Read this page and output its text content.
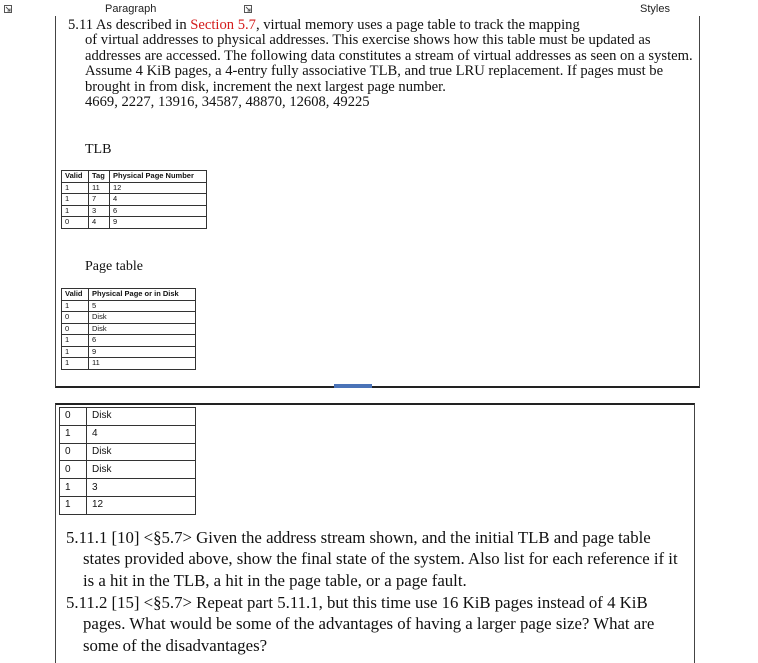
Paragraph	Styles
5.11 As described in Section 5.7, virtual memory uses a page table to track the mapping
of virtual addresses to physical addresses. This exercise shows how this table must be updated as addresses are accessed. The following data constitutes a stream of virtual addresses as seen on a system. Assume 4 KiB pages, a 4-entry fully associative TLB, and true LRU replacement. If pages must be brought in from disk, increment the next largest page number.
4669, 2227, 13916, 34587, 48870, 12608, 49225
TLB
Valid	Tag	Physical Page Number
1	11	12
1	7	4
1	3	6
0	4	9
Page table
Valid	Physical Page or in Disk
1	5
0	Disk
0	Disk
1	6
1	9
1	11
0	Disk
1	4
0	Disk
0	Disk
1	3
1	12
5.11.1 [10] <§5.7> Given the address stream shown, and the initial TLB and page table
states provided above, show the final state of the system. Also list for each reference if it is a hit in the TLB, a hit in the page table, or a page fault.
5.11.2 [15] <§5.7> Repeat part 5.11.1, but this time use 16 KiB pages instead of 4 KiB
pages. What would be some of the advantages of having a larger page size? What are some of the disadvantages?
